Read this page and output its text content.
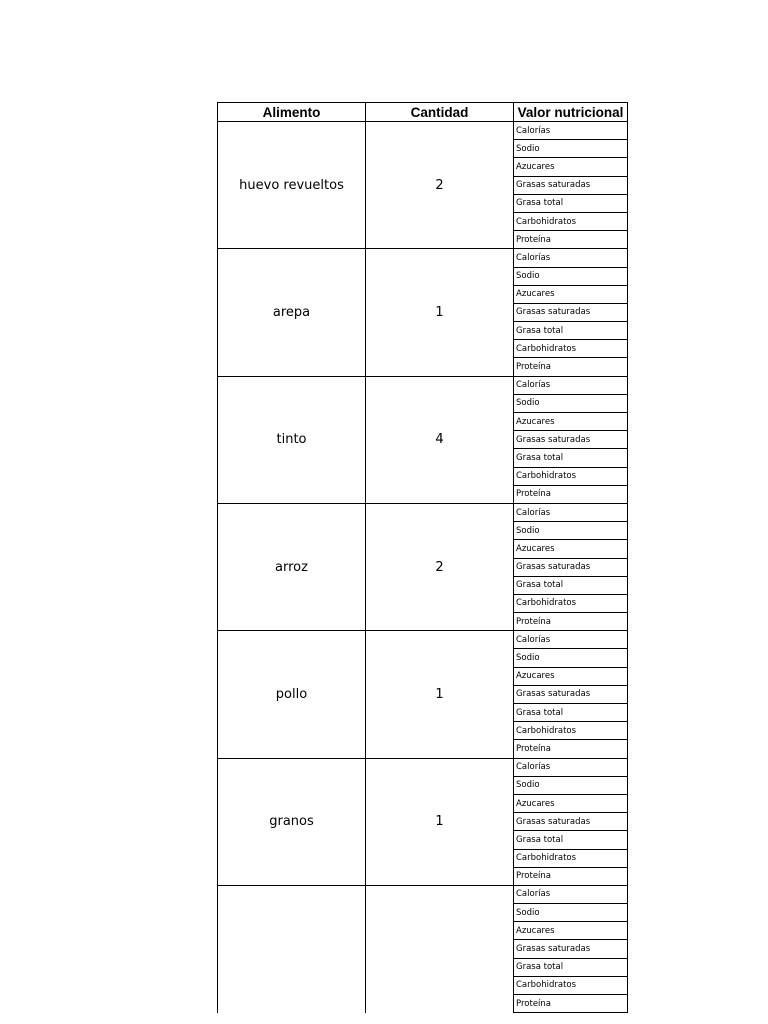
Alimento	Cantidad	Valor nutricional
huevo revueltos	2	Calorías
		Sodio
		Azucares
		Grasas saturadas
		Grasa total
		Carbohidratos
		Proteína
arepa	1	Calorías
		Sodio
		Azucares
		Grasas saturadas
		Grasa total
		Carbohidratos
		Proteína
tinto	4	Calorías
		Sodio
		Azucares
		Grasas saturadas
		Grasa total
		Carbohidratos
		Proteína
arroz	2	Calorías
		Sodio
		Azucares
		Grasas saturadas
		Grasa total
		Carbohidratos
		Proteína
pollo	1	Calorías
		Sodio
		Azucares
		Grasas saturadas
		Grasa total
		Carbohidratos
		Proteína
granos	1	Calorías
		Sodio
		Azucares
		Grasas saturadas
		Grasa total
		Carbohidratos
		Proteína
		Calorías
		Sodio
		Azucares
		Grasas saturadas
		Grasa total
		Carbohidratos
		Proteína
